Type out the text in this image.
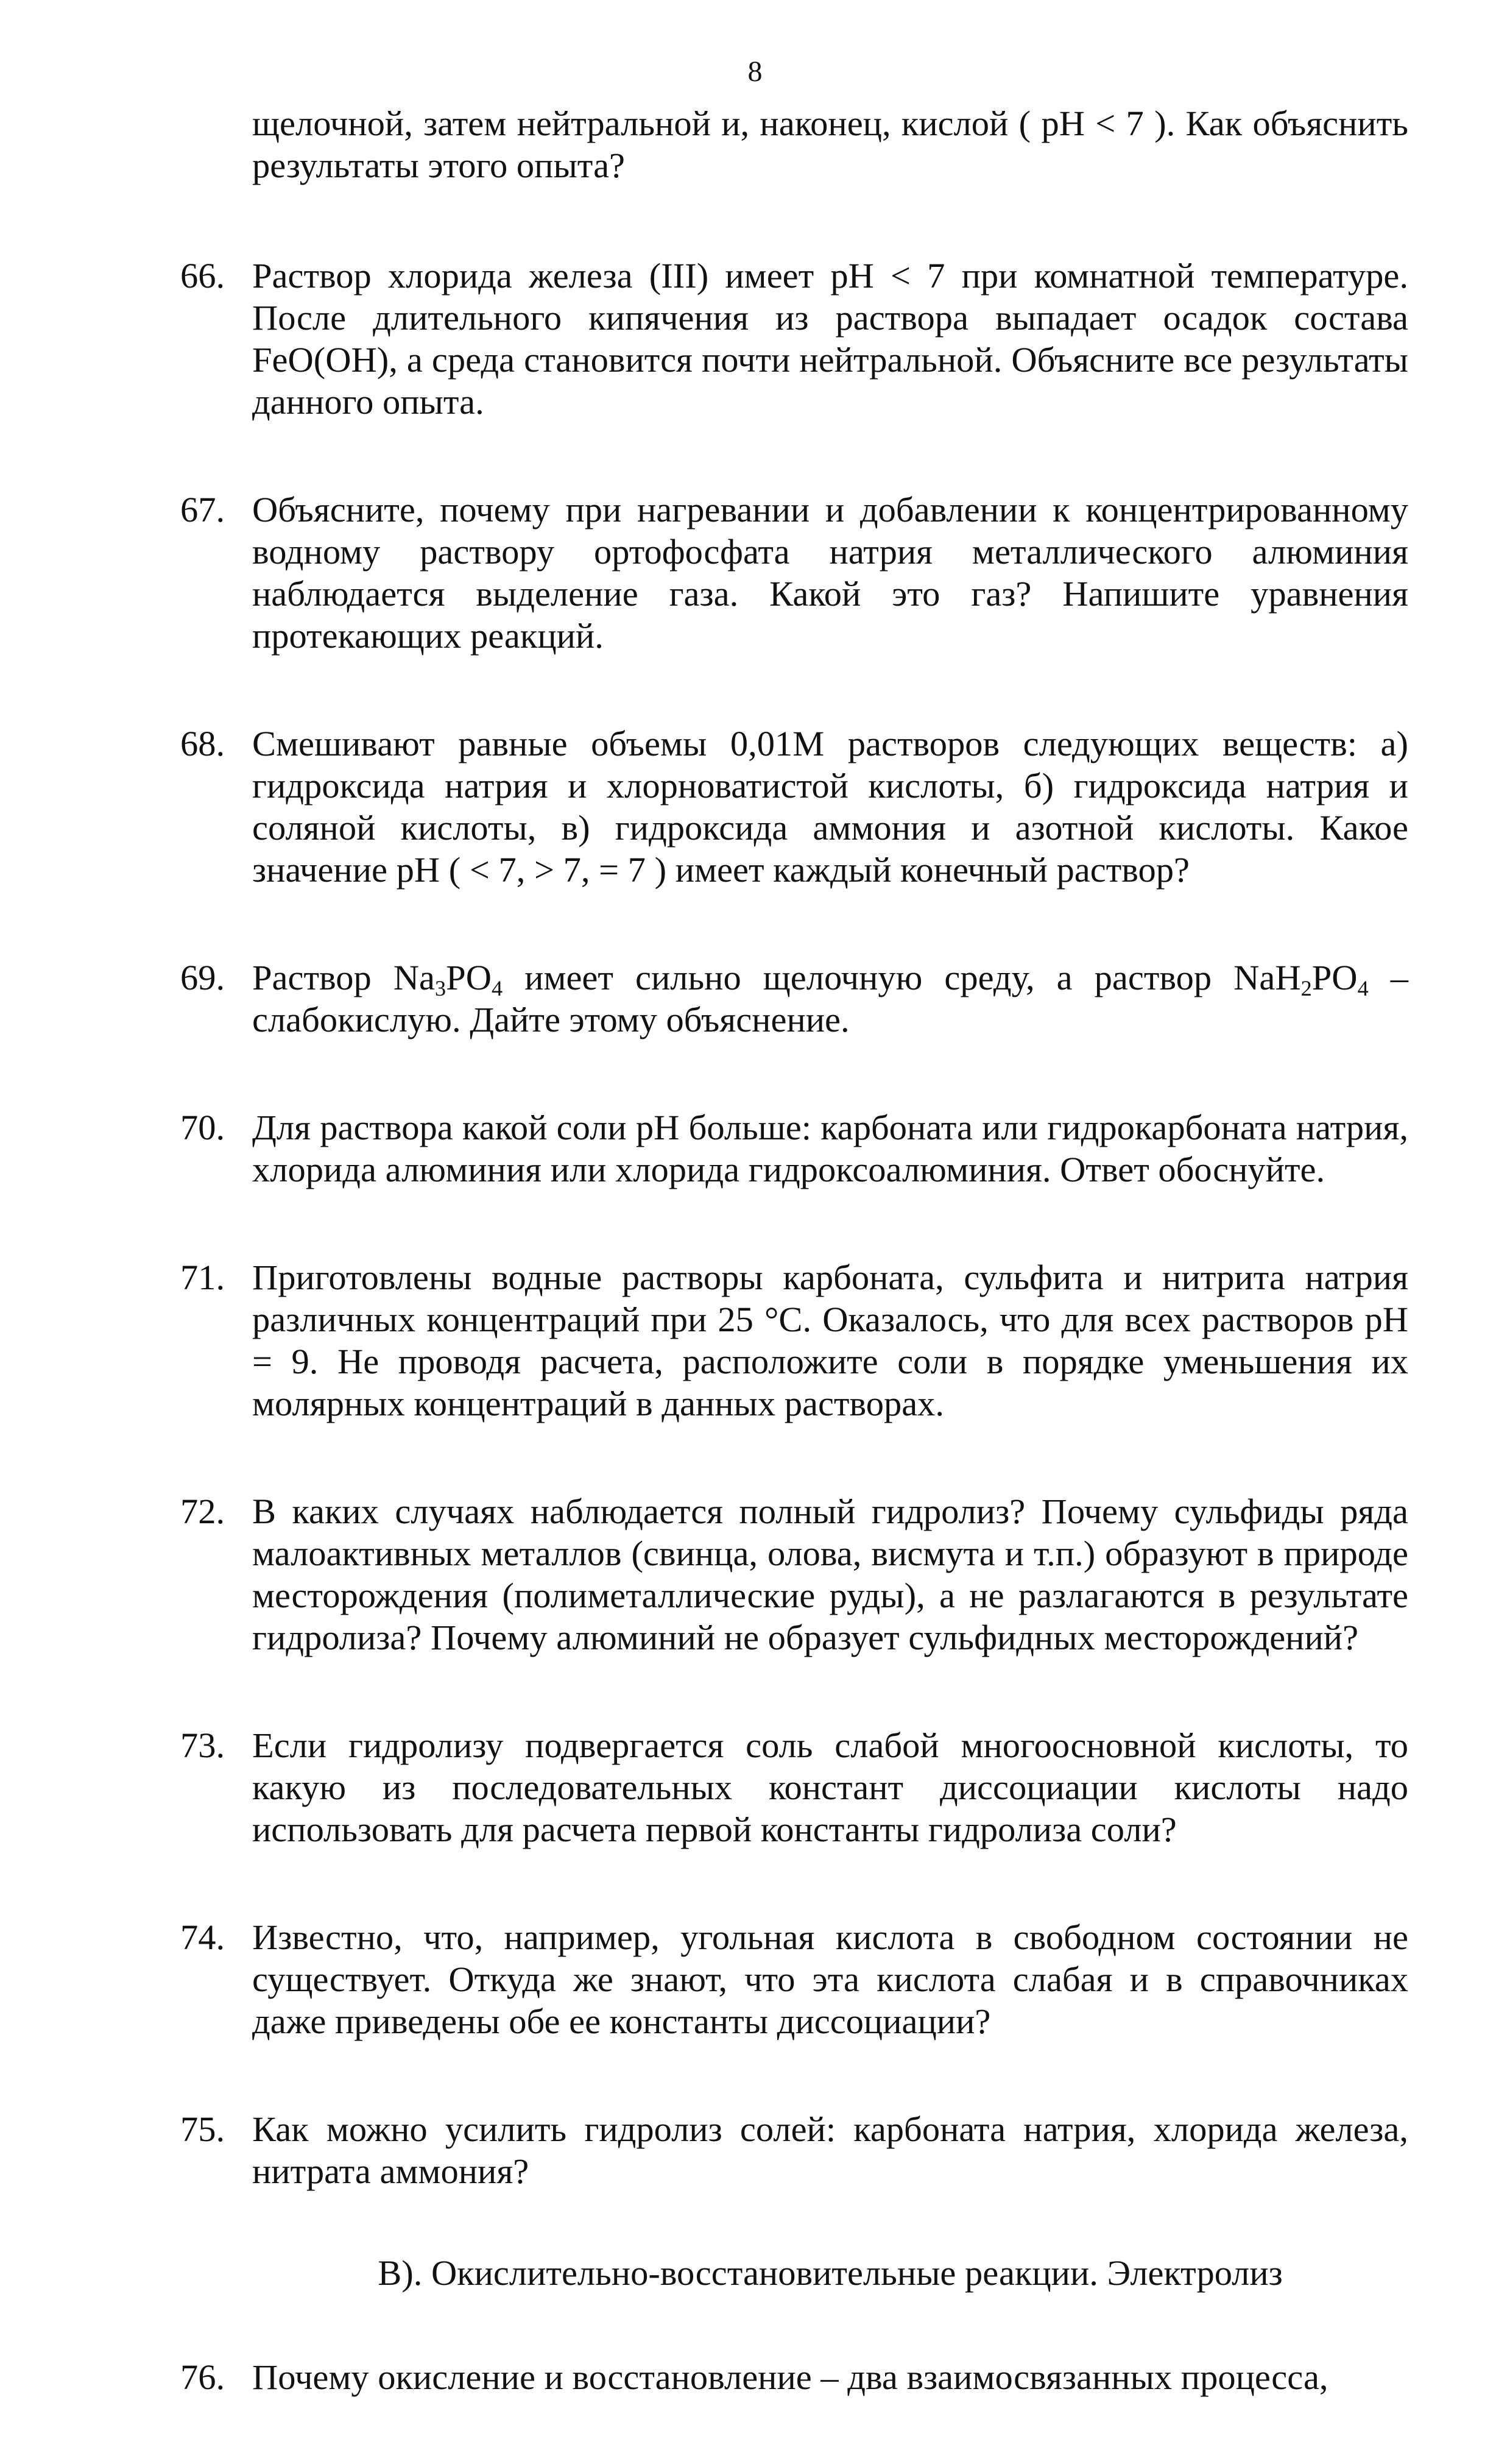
8
щелочной, затем нейтральной и, наконец, кислой ( pH < 7 ). Как объяснить результаты этого опыта?
66. Раствор хлорида железа (III) имеет pH < 7 при комнатной температуре. После длительного кипячения из раствора выпадает осадок состава FeO(OH), а среда становится почти нейтральной. Объясните все результаты данного опыта.
67. Объясните, почему при нагревании и добавлении к концентрированному водному раствору ортофосфата натрия металлического алюминия наблюдается выделение газа. Какой это газ? Напишите уравнения протекающих реакций.
68. Смешивают равные объемы 0,01М растворов следующих веществ: а) гидроксида натрия и хлорноватистой кислоты, б) гидроксида натрия и соляной кислоты, в) гидроксида аммония и азотной кислоты. Какое значение pH ( < 7, > 7, = 7 ) имеет каждый конечный раствор?
69. Раствор $Na_3PO_4$ имеет сильно щелочную среду, а раствор $NaH_2PO_4$ – слабокислую. Дайте этому объяснение.
70. Для раствора какой соли pH больше: карбоната или гидрокарбоната натрия, хлорида алюминия или хлорида гидроксоалюминия. Ответ обоснуйте.
71. Приготовлены водные растворы карбоната, сульфита и нитрита натрия различных концентраций при 25 °С. Оказалось, что для всех растворов pH = 9. Не проводя расчета, расположите соли в порядке уменьшения их молярных концентраций в данных растворах.
72. В каких случаях наблюдается полный гидролиз? Почему сульфиды ряда малоактивных металлов (свинца, олова, висмута и т.п.) образуют в природе месторождения (полиметаллические руды), а не разлагаются в результате гидролиза? Почему алюминий не образует сульфидных месторождений?
73. Если гидролизу подвергается соль слабой многоосновной кислоты, то какую из последовательных констант диссоциации кислоты надо использовать для расчета первой константы гидролиза соли?
74. Известно, что, например, угольная кислота в свободном состоянии не существует. Откуда же знают, что эта кислота слабая и в справочниках даже приведены обе ее константы диссоциации?
75. Как можно усилить гидролиз солей: карбоната натрия, хлорида железа, нитрата аммония?
В). Окислительно-восстановительные реакции. Электролиз
76. Почему окисление и восстановление – два взаимосвязанных процесса,
